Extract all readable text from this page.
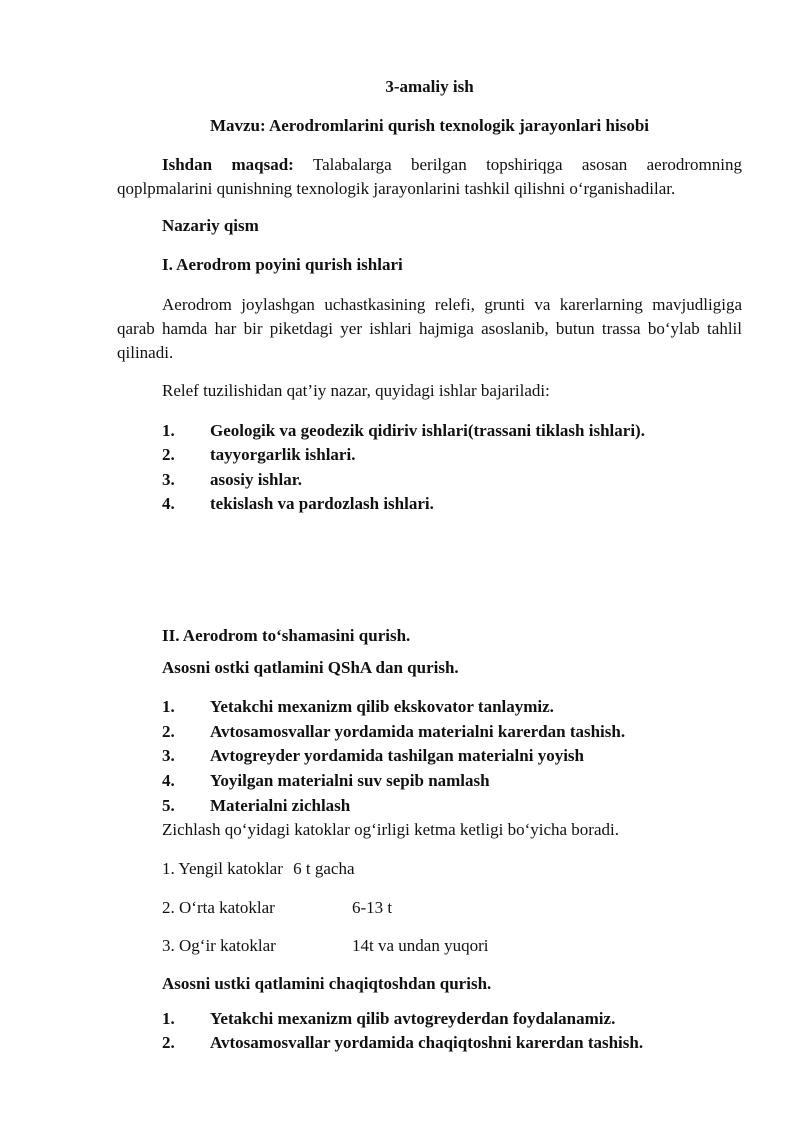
3-amaliy ish
Mavzu: Aerodromlarini qurish texnologik jarayonlari hisobi

Ishdan maqsad: Talabalarga berilgan topshiriqga asosan aerodromning qoplpmalarini qunishning texnologik jarayonlarini tashkil qilishni o‘rganishadilar.

Nazariy qism
I. Aerodrom poyini qurish ishlari

Aerodrom joylashgan uchastkasining relefi, grunti va karerlarning mavjudligiga qarab hamda har bir piketdagi yer ishlari hajmiga asoslanib, butun trassa bo‘ylab tahlil qilinadi.

Relef tuzilishidan qat’iy nazar, quyidagi ishlar bajariladi:
1. Geologik va geodezik qidiriv ishlari(trassani tiklash ishlari).
2. tayyorgarlik ishlari.
3. asosiy ishlar.
4. tekislash va pardozlash ishlari.
II. Aerodrom to‘shamasini qurish.
Asosni ostki qatlamini QShA dan qurish.
1. Yetakchi mexanizm qilib ekskovator tanlaymiz.
2. Avtosamosvallar yordamida materialni karerdan tashish.
3. Avtogreyder yordamida tashilgan materialni yoyish
4. Yoyilgan materialni suv sepib namlash
5. Materialni zichlash
Zichlash qo‘yidagi katoklar og‘irligi ketma ketligi bo‘yicha boradi.
1. Yengil katoklar 6 t gacha
2. O‘rta katoklar	6-13 t
3. Og‘ir katoklar	14t va undan yuqori
Asosni ustki qatlamini chaqiqtoshdan qurish.
1. Yetakchi mexanizm qilib avtogreyderdan foydalanamiz.
2. Avtosamosvallar yordamida chaqiqtoshni karerdan tashish.
